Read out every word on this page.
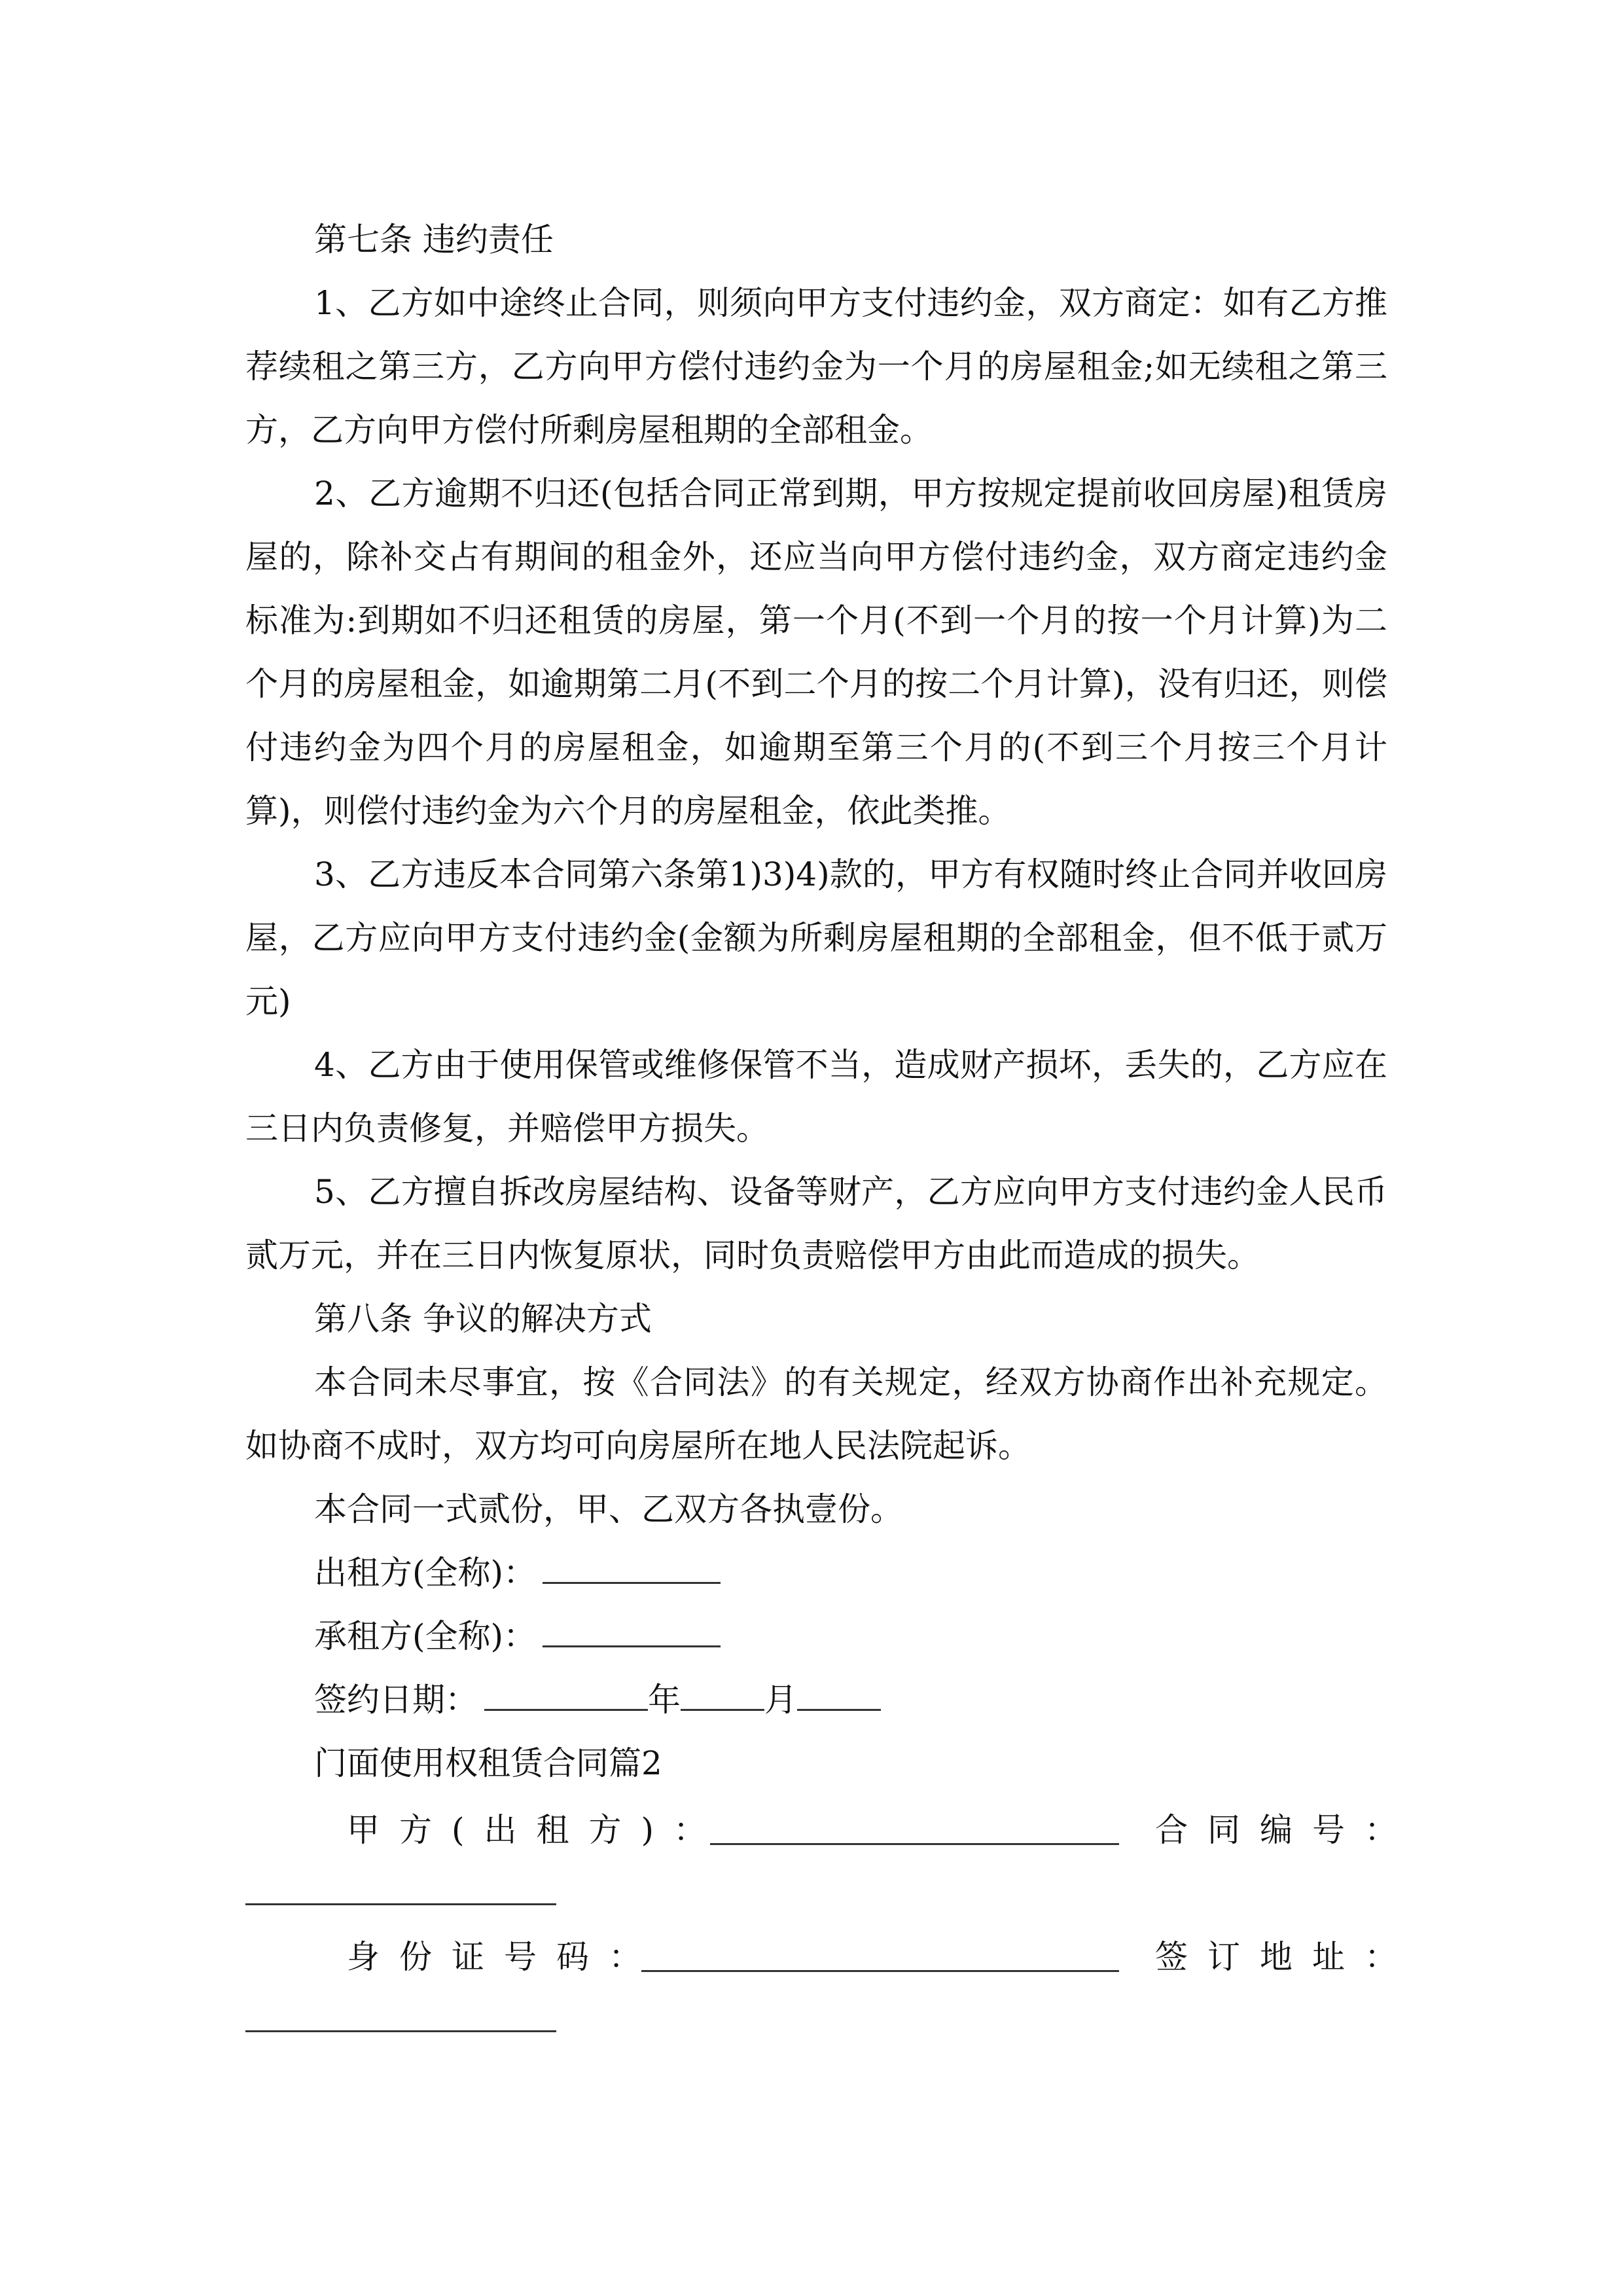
第七条 违约责任

1、乙方如中途终止合同，则须向甲方支付违约金，双方商定：如有乙方推荐续租之第三方，乙方向甲方偿付违约金为一个月的房屋租金;如无续租之第三方，乙方向甲方偿付所剩房屋租期的全部租金。

2、乙方逾期不归还(包括合同正常到期，甲方按规定提前收回房屋)租赁房屋的，除补交占有期间的租金外，还应当向甲方偿付违约金，双方商定违约金标准为:到期如不归还租赁的房屋，第一个月(不到一个月的按一个月计算)为二个月的房屋租金，如逾期第二月(不到二个月的按二个月计算)，没有归还，则偿付违约金为四个月的房屋租金，如逾期至第三个月的(不到三个月按三个月计算)，则偿付违约金为六个月的房屋租金，依此类推。

3、乙方违反本合同第六条第1)3)4)款的，甲方有权随时终止合同并收回房屋，乙方应向甲方支付违约金(金额为所剩房屋租期的全部租金，但不低于贰万元)

4、乙方由于使用保管或维修保管不当，造成财产损坏，丢失的，乙方应在三日内负责修复，并赔偿甲方损失。

5、乙方擅自拆改房屋结构、设备等财产，乙方应向甲方支付违约金人民币贰万元，并在三日内恢复原状，同时负责赔偿甲方由此而造成的损失。

第八条 争议的解决方式

本合同未尽事宜，按《合同法》的有关规定，经双方协商作出补充规定。如协商不成时，双方均可向房屋所在地人民法院起诉。

本合同一式贰份，甲、乙双方各执壹份。

出租方(全称)：

承租方(全称)：

签约日期：	年	月

门面使用权租赁合同篇2

甲方(出租方)：	合同编号：
身份证号码：	签订地址：
